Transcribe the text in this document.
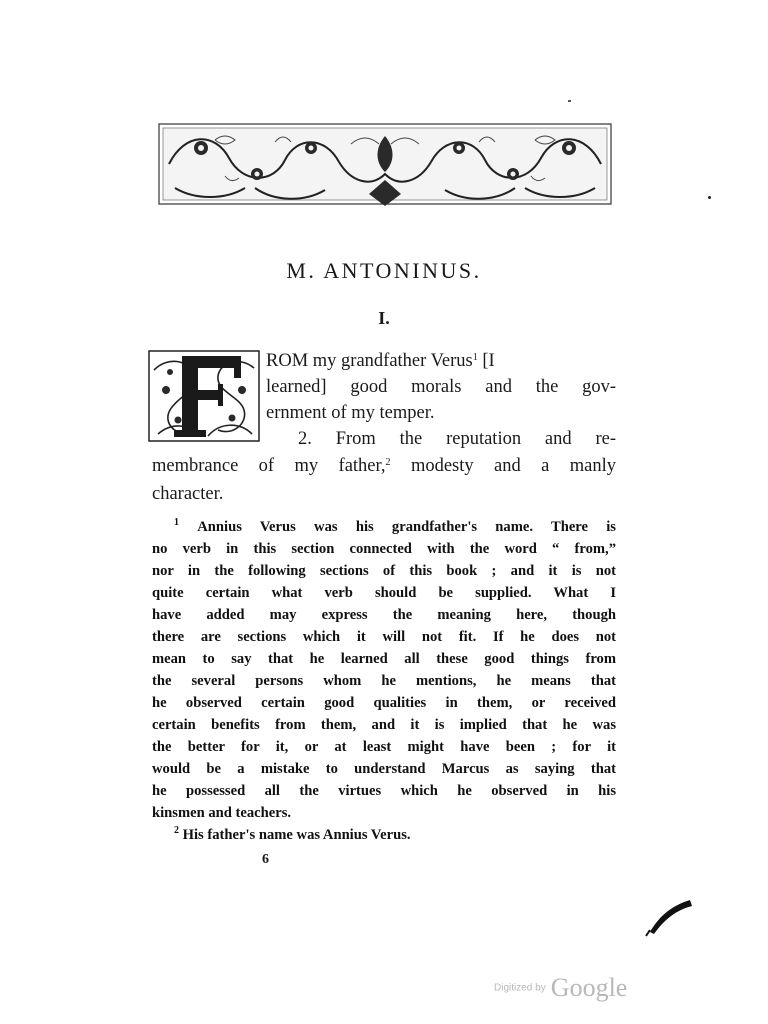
M. ANTONINUS.
I.
ROM my grandfather Verus$^1$ [I
learned] good morals and the gov-
ernment of my temper.
2. From the reputation and re-
membrance of my father,$^2$ modesty and a manly
character.
$^1$ Annius Verus was his grandfather's name. There is
no verb in this section connected with the word “ from,”
nor in the following sections of this book ; and it is not
quite certain what verb should be supplied. What I
have added may express the meaning here, though
there are sections which it will not fit. If he does not
mean to say that he learned all these good things from
the several persons whom he mentions, he means that
he observed certain good qualities in them, or received
certain benefits from them, and it is implied that he was
the better for it, or at least might have been ; for it
would be a mistake to understand Marcus as saying that
he possessed all the virtues which he observed in his
kinsmen and teachers.
$^2$ His father's name was Annius Verus.
6
Digitized by Google
